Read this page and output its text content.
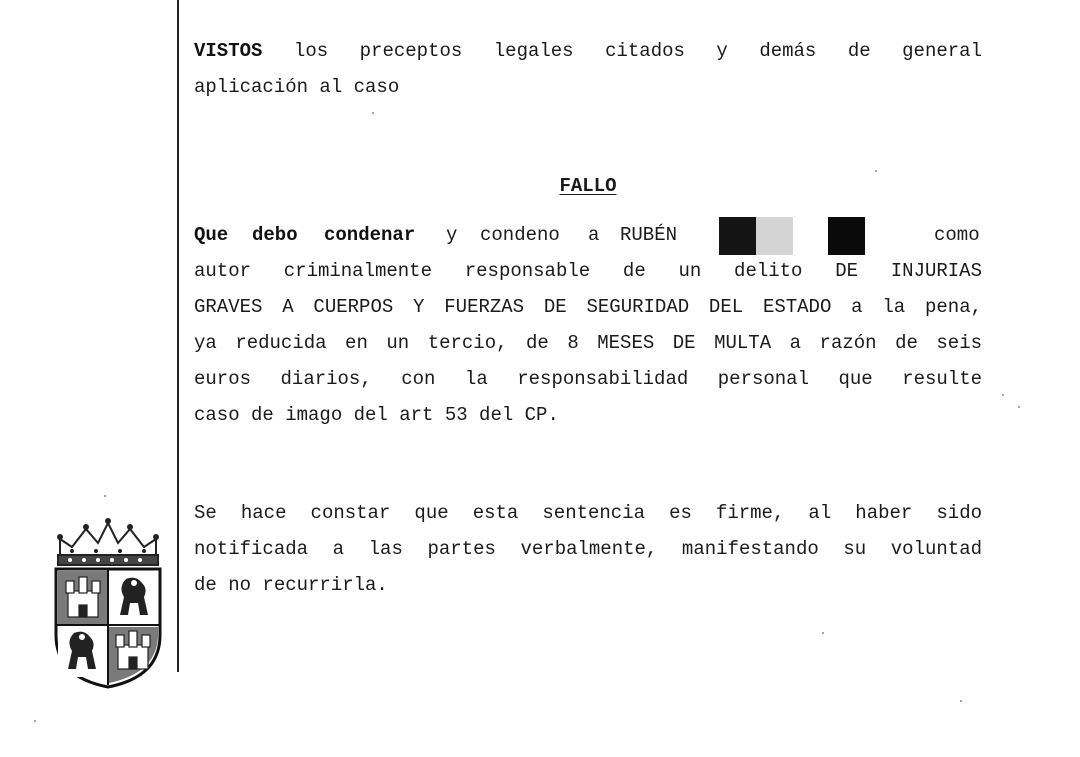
VISTOS los preceptos legales citados y demás de general
aplicación al caso
FALLO
Que debo condenar y condeno a RUBÉN	como
autor criminalmente responsable de un delito DE INJURIAS
GRAVES A CUERPOS Y FUERZAS DE SEGURIDAD DEL ESTADO a la pena,
ya reducida en un tercio, de 8 MESES DE MULTA a razón de seis
euros diarios, con la responsabilidad personal que resulte
caso de imago del art 53 del CP.
Se hace constar que esta sentencia es firme, al haber sido
notificada a las partes verbalmente, manifestando su voluntad
de no recurrirla.
